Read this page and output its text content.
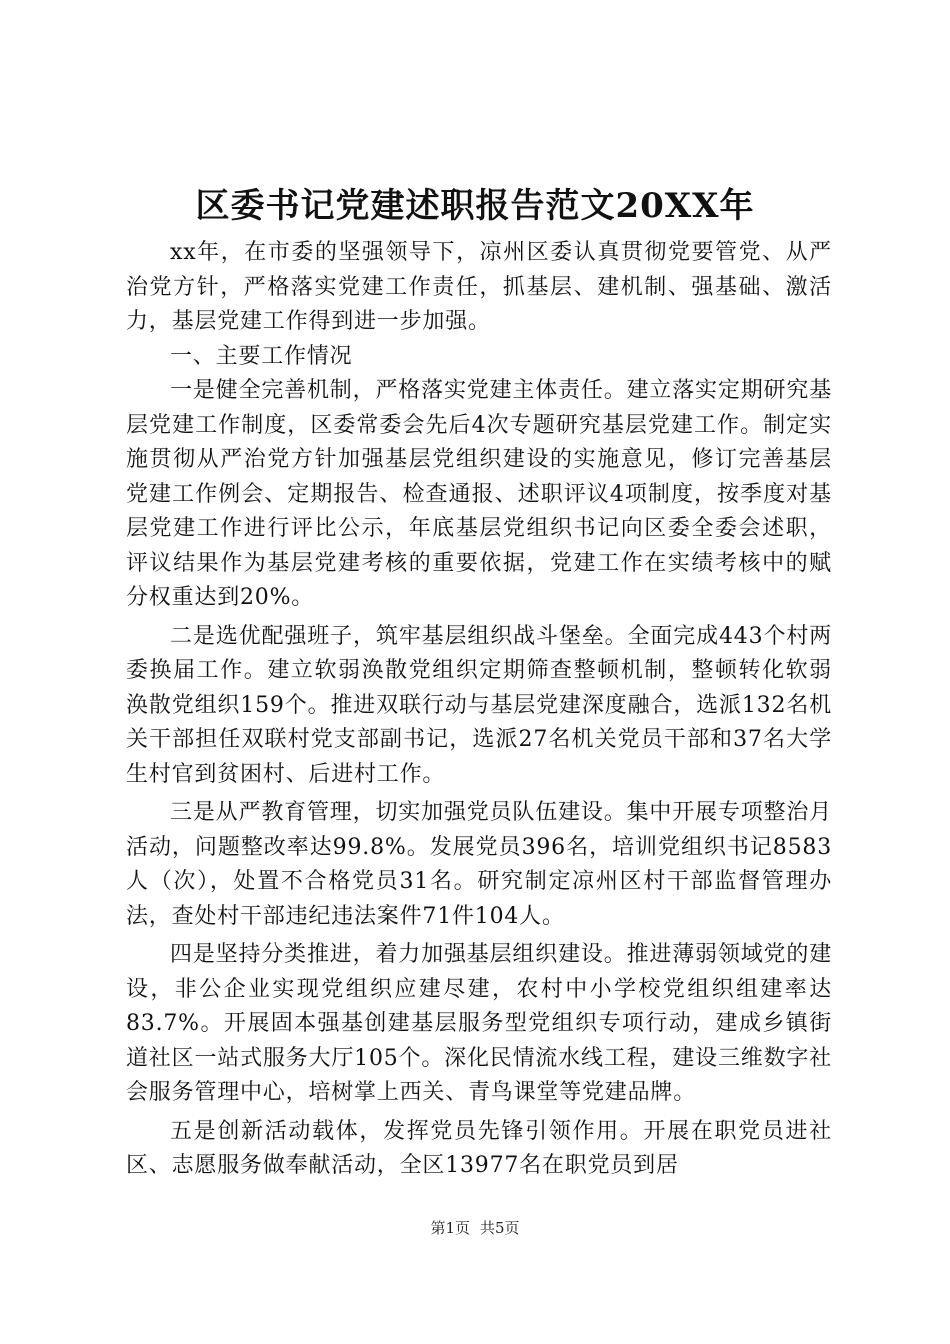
区委书记党建述职报告范文20XX年

xx年，在市委的坚强领导下，凉州区委认真贯彻党要管党、从严治党方针，严格落实党建工作责任，抓基层、建机制、强基础、激活力，基层党建工作得到进一步加强。

一、主要工作情况

一是健全完善机制，严格落实党建主体责任。建立落实定期研究基层党建工作制度，区委常委会先后4次专题研究基层党建工作。制定实施贯彻从严治党方针加强基层党组织建设的实施意见，修订完善基层党建工作例会、定期报告、检查通报、述职评议4项制度，按季度对基层党建工作进行评比公示，年底基层党组织书记向区委全委会述职，评议结果作为基层党建考核的重要依据，党建工作在实绩考核中的赋分权重达到20%。

二是选优配强班子，筑牢基层组织战斗堡垒。全面完成443个村两委换届工作。建立软弱涣散党组织定期筛查整顿机制，整顿转化软弱涣散党组织159个。推进双联行动与基层党建深度融合，选派132名机关干部担任双联村党支部副书记，选派27名机关党员干部和37名大学生村官到贫困村、后进村工作。

三是从严教育管理，切实加强党员队伍建设。集中开展专项整治月活动，问题整改率达99.8%。发展党员396名，培训党组织书记8583人（次），处置不合格党员31名。研究制定凉州区村干部监督管理办法，查处村干部违纪违法案件71件104人。

四是坚持分类推进，着力加强基层组织建设。推进薄弱领域党的建设，非公企业实现党组织应建尽建，农村中小学校党组织组建率达83.7%。开展固本强基创建基层服务型党组织专项行动，建成乡镇街道社区一站式服务大厅105个。深化民情流水线工程，建设三维数字社会服务管理中心，培树掌上西关、青鸟课堂等党建品牌。

五是创新活动载体，发挥党员先锋引领作用。开展在职党员进社区、志愿服务做奉献活动，全区13977名在职党员到居

第1页 共5页
